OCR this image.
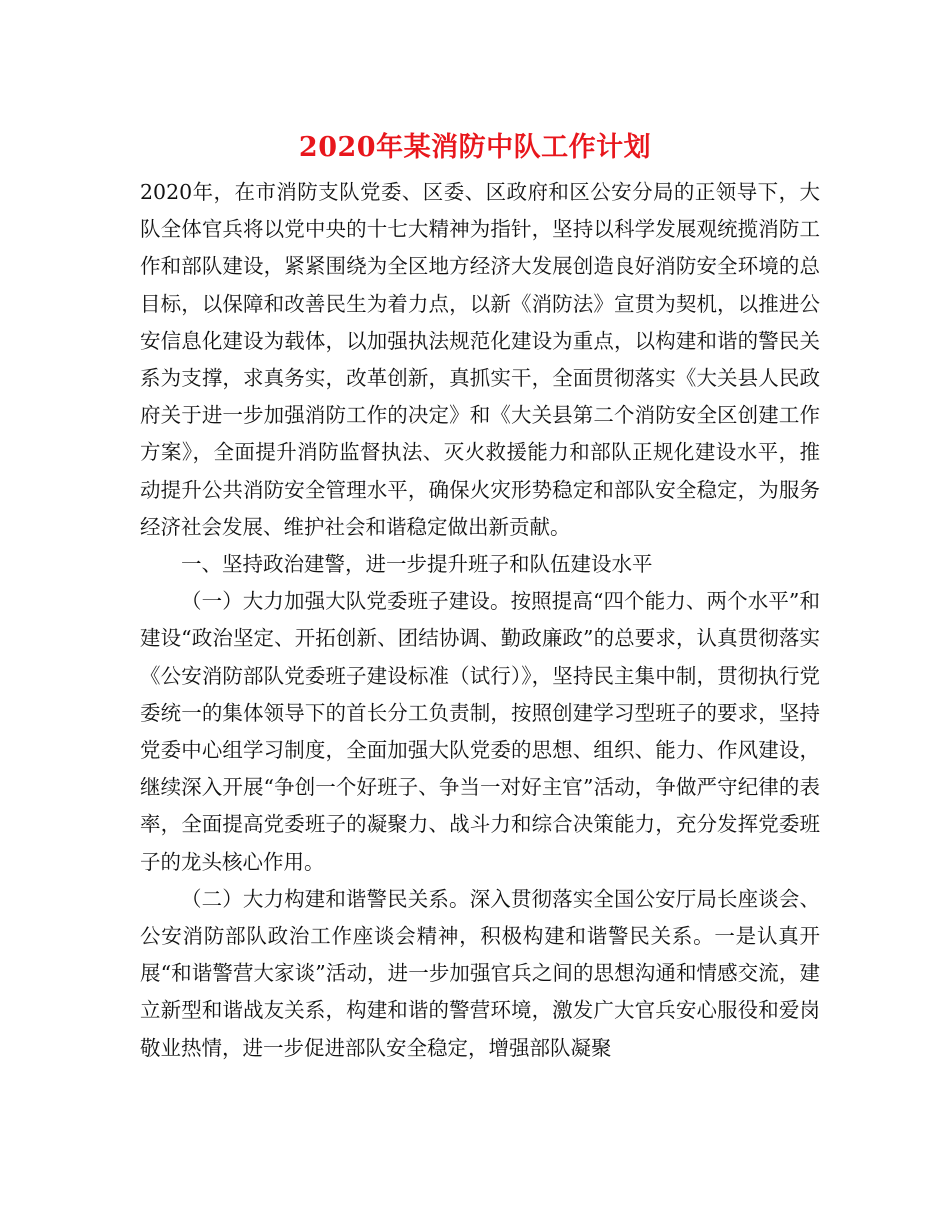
2020年某消防中队工作计划

2020年，在市消防支队党委、区委、区政府和区公安分局的正领导下，大队全体官兵将以党中央的十七大精神为指针，坚持以科学发展观统揽消防工作和部队建设，紧紧围绕为全区地方经济大发展创造良好消防安全环境的总目标，以保障和改善民生为着力点，以新《消防法》宣贯为契机，以推进公安信息化建设为载体，以加强执法规范化建设为重点，以构建和谐的警民关系为支撑，求真务实，改革创新，真抓实干，全面贯彻落实《大关县人民政府关于进一步加强消防工作的决定》和《大关县第二个消防安全区创建工作方案》，全面提升消防监督执法、灭火救援能力和部队正规化建设水平，推动提升公共消防安全管理水平，确保火灾形势稳定和部队安全稳定，为服务经济社会发展、维护社会和谐稳定做出新贡献。

一、坚持政治建警，进一步提升班子和队伍建设水平

（一）大力加强大队党委班子建设。按照提高“四个能力、两个水平”和建设“政治坚定、开拓创新、团结协调、勤政廉政”的总要求，认真贯彻落实《公安消防部队党委班子建设标准（试行）》，坚持民主集中制，贯彻执行党委统一的集体领导下的首长分工负责制，按照创建学习型班子的要求，坚持党委中心组学习制度，全面加强大队党委的思想、组织、能力、作风建设，继续深入开展“争创一个好班子、争当一对好主官”活动，争做严守纪律的表率，全面提高党委班子的凝聚力、战斗力和综合决策能力，充分发挥党委班子的龙头核心作用。

（二）大力构建和谐警民关系。深入贯彻落实全国公安厅局长座谈会、公安消防部队政治工作座谈会精神，积极构建和谐警民关系。一是认真开展“和谐警营大家谈”活动，进一步加强官兵之间的思想沟通和情感交流，建立新型和谐战友关系，构建和谐的警营环境，激发广大官兵安心服役和爱岗敬业热情，进一步促进部队安全稳定，增强部队凝聚
